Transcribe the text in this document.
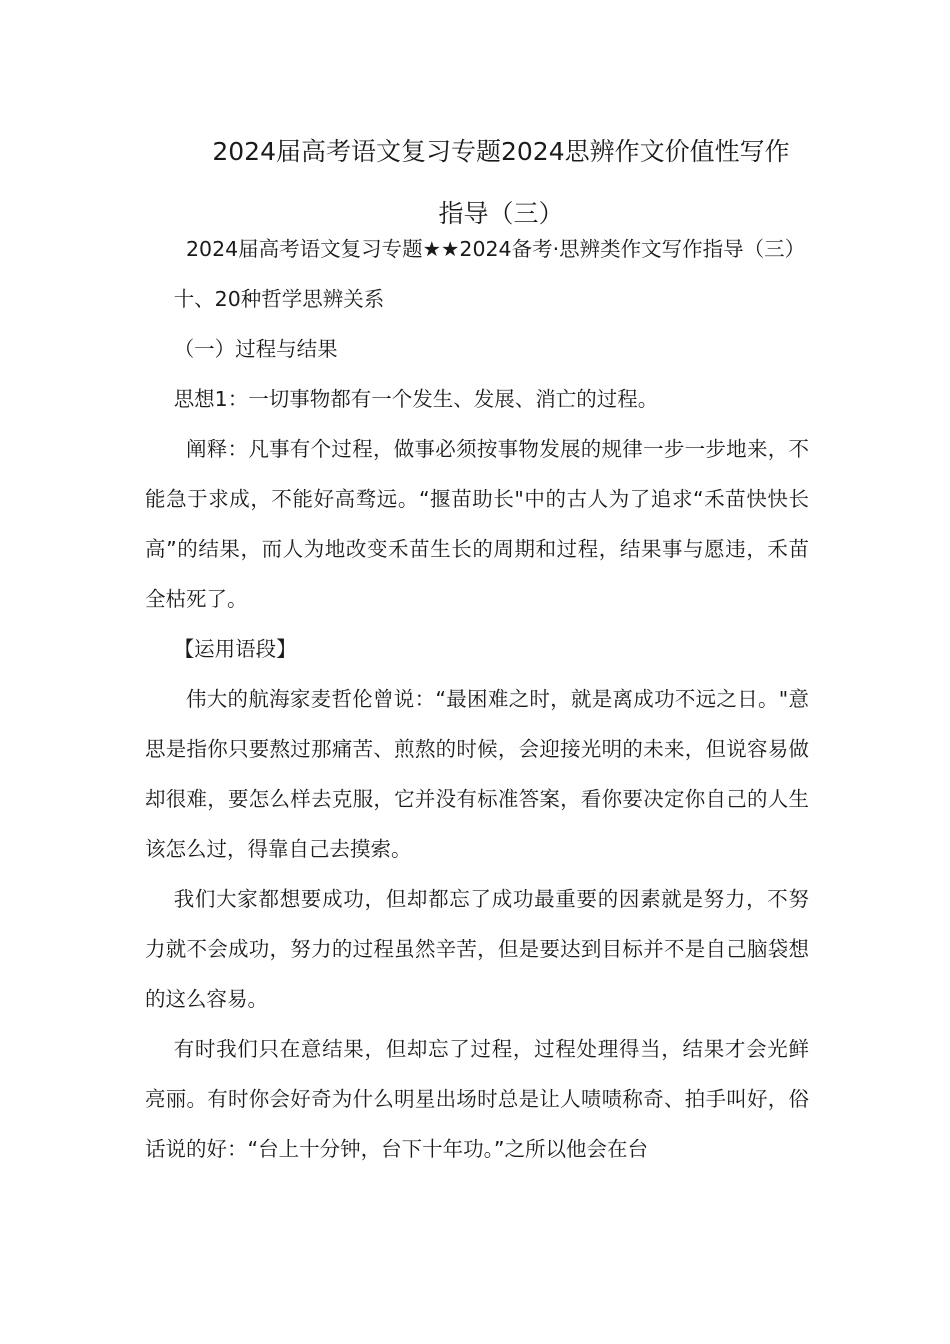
2024届高考语文复习专题2024思辨作文价值性写作
指导（三）

2024届高考语文复习专题★★2024备考·思辨类作文写作指导（三）

十、20种哲学思辨关系

（一）过程与结果

思想1：一切事物都有一个发生、发展、消亡的过程。

阐释：凡事有个过程，做事必须按事物发展的规律一步一步地来，不能急于求成，不能好高骛远。“揠苗助长"中的古人为了追求“禾苗快快长高”的结果，而人为地改变禾苗生长的周期和过程，结果事与愿违，禾苗全枯死了。

【运用语段】

伟大的航海家麦哲伦曾说：“最困难之时，就是离成功不远之日。"意思是指你只要熬过那痛苦、煎熬的时候，会迎接光明的未来，但说容易做却很难，要怎么样去克服，它并没有标准答案，看你要决定你自己的人生该怎么过，得靠自己去摸索。

我们大家都想要成功，但却都忘了成功最重要的因素就是努力，不努力就不会成功，努力的过程虽然辛苦，但是要达到目标并不是自己脑袋想的这么容易。

有时我们只在意结果，但却忘了过程，过程处理得当，结果才会光鲜亮丽。有时你会好奇为什么明星出场时总是让人啧啧称奇、拍手叫好，俗话说的好：“台上十分钟，台下十年功。”之所以他会在台
